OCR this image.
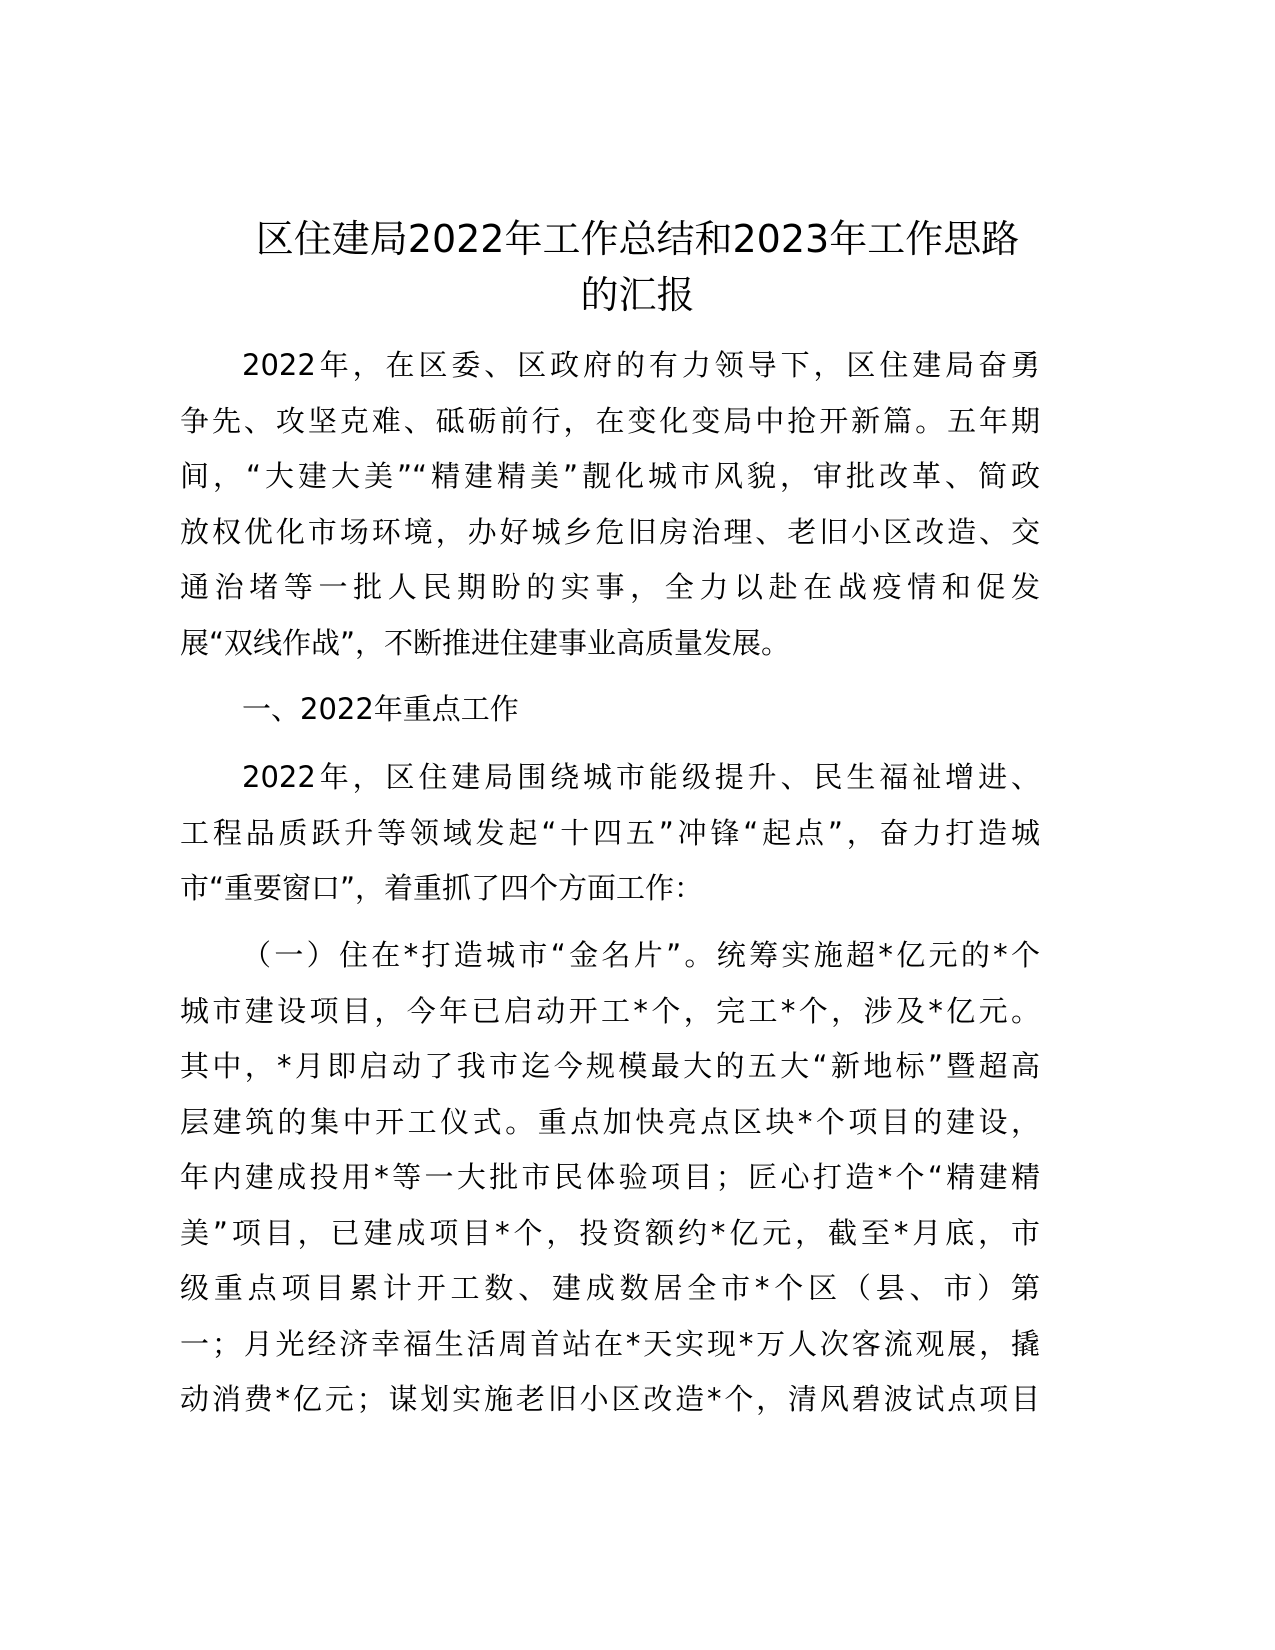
区住建局2022年工作总结和2023年工作思路
的汇报
2022年，在区委、区政府的有力领导下，区住建局奋勇
争先、攻坚克难、砥砺前行，在变化变局中抢开新篇。五年期
间，“大建大美”“精建精美”靓化城市风貌，审批改革、简政
放权优化市场环境，办好城乡危旧房治理、老旧小区改造、交
通治堵等一批人民期盼的实事，全力以赴在战疫情和促发
展“双线作战”，不断推进住建事业高质量发展。
一、2022年重点工作
2022年，区住建局围绕城市能级提升、民生福祉增进、
工程品质跃升等领域发起“十四五”冲锋“起点”，奋力打造城
市“重要窗口”，着重抓了四个方面工作：
（一）住在*打造城市“金名片”。统筹实施超*亿元的*个
城市建设项目，今年已启动开工*个，完工*个，涉及*亿元。
其中，*月即启动了我市迄今规模最大的五大“新地标”暨超高
层建筑的集中开工仪式。重点加快亮点区块*个项目的建设，
年内建成投用*等一大批市民体验项目；匠心打造*个“精建精
美”项目，已建成项目*个，投资额约*亿元，截至*月底，市
级重点项目累计开工数、建成数居全市*个区（县、市）第
一；月光经济幸福生活周首站在*天实现*万人次客流观展，撬
动消费*亿元；谋划实施老旧小区改造*个，清风碧波试点项目
